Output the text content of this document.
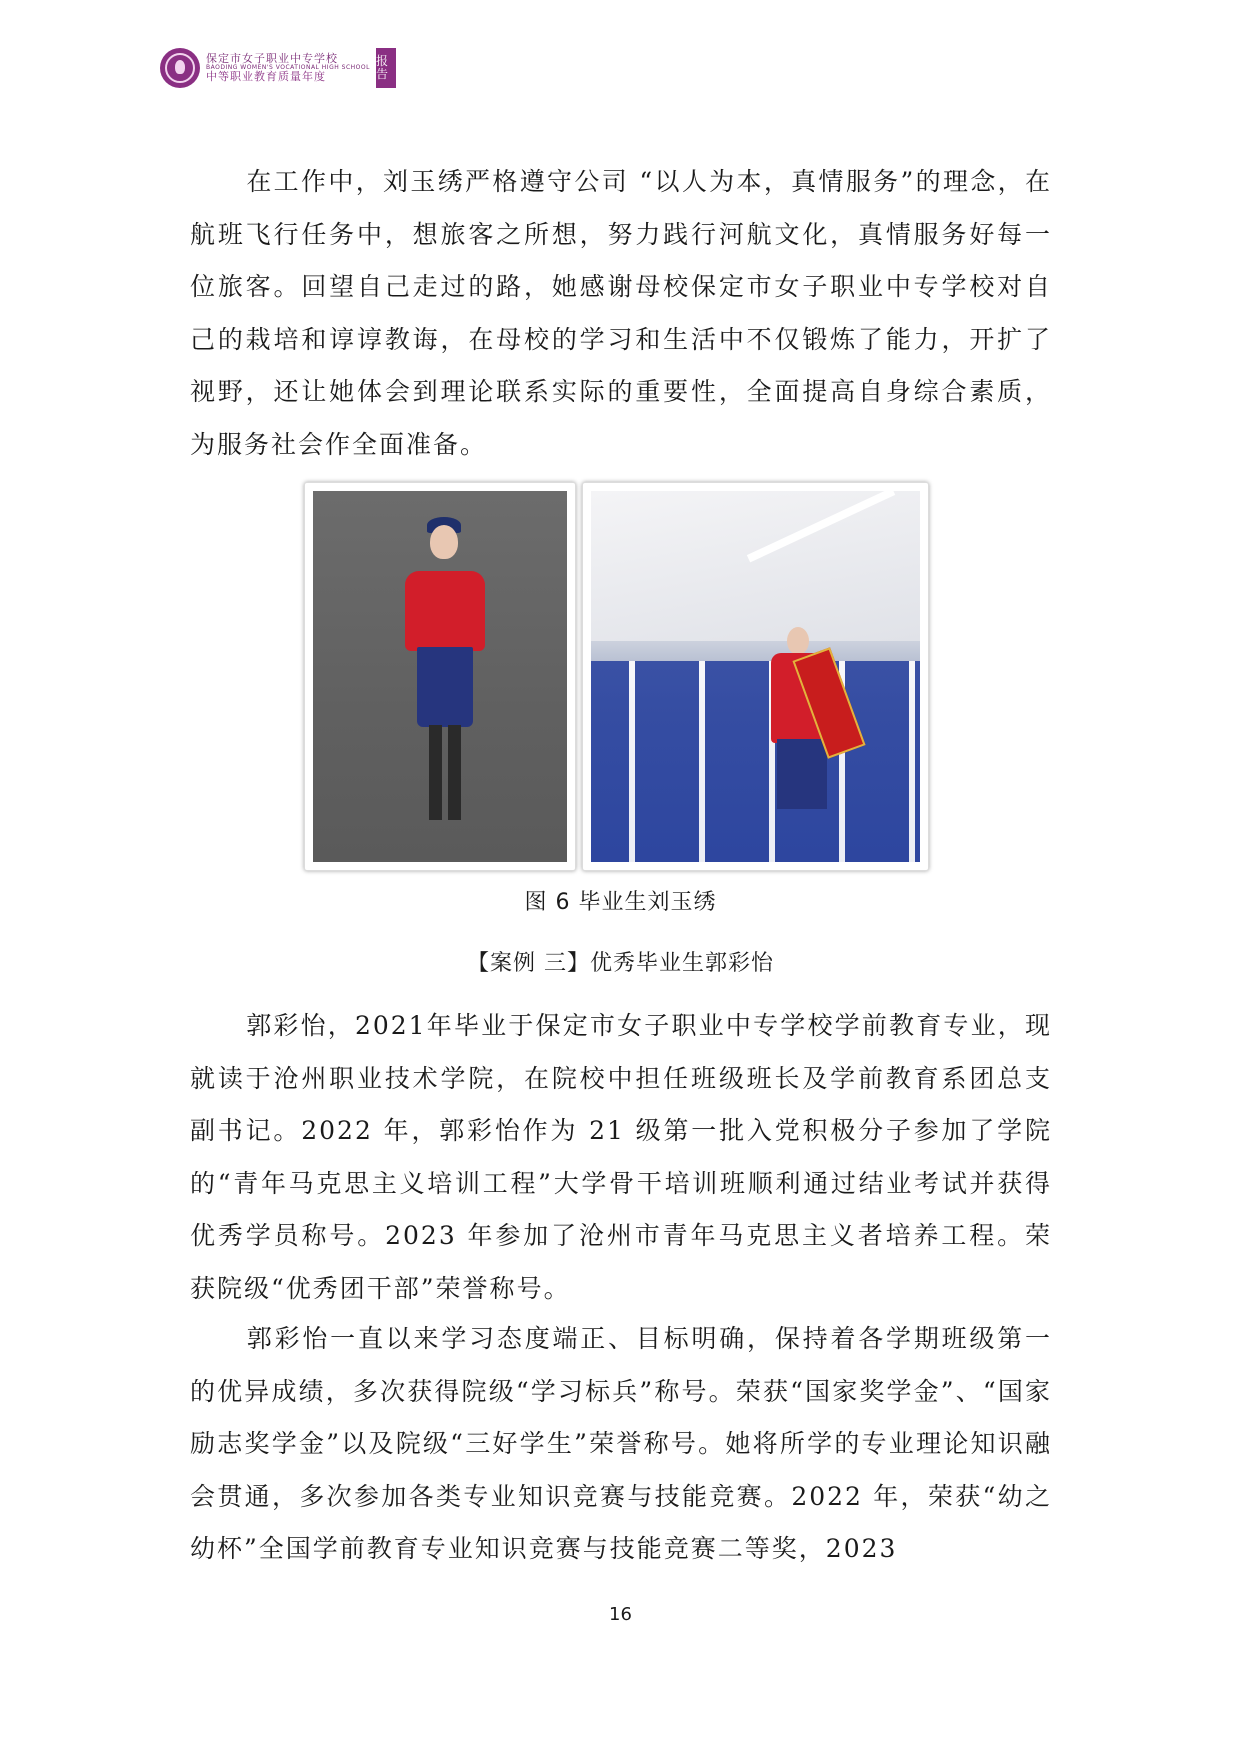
保定市女子职业中专学校
BAODING WOMEN'S VOCATIONAL HIGH SCHOOL
中等职业教育质量年度
报告

在工作中，刘玉绣严格遵守公司 “以人为本，真情服务”的理念，在航班飞行任务中，想旅客之所想，努力践行河航文化，真情服务好每一位旅客。回望自己走过的路，她感谢母校保定市女子职业中专学校对自己的栽培和谆谆教诲，在母校的学习和生活中不仅锻炼了能力，开扩了视野，还让她体会到理论联系实际的重要性，全面提高自身综合素质，为服务社会作全面准备。

图 6 毕业生刘玉绣
【案例 三】优秀毕业生郭彩怡

郭彩怡，2021年毕业于保定市女子职业中专学校学前教育专业，现就读于沧州职业技术学院，在院校中担任班级班长及学前教育系团总支副书记。2022 年，郭彩怡作为 21 级第一批入党积极分子参加了学院的“青年马克思主义培训工程”大学骨干培训班顺利通过结业考试并获得优秀学员称号。2023 年参加了沧州市青年马克思主义者培养工程。荣获院级“优秀团干部”荣誉称号。

郭彩怡一直以来学习态度端正、目标明确，保持着各学期班级第一的优异成绩，多次获得院级“学习标兵”称号。荣获“国家奖学金”、“国家励志奖学金”以及院级“三好学生”荣誉称号。她将所学的专业理论知识融会贯通，多次参加各类专业知识竞赛与技能竞赛。2022 年，荣获“幼之幼杯”全国学前教育专业知识竞赛与技能竞赛二等奖，2023

16
